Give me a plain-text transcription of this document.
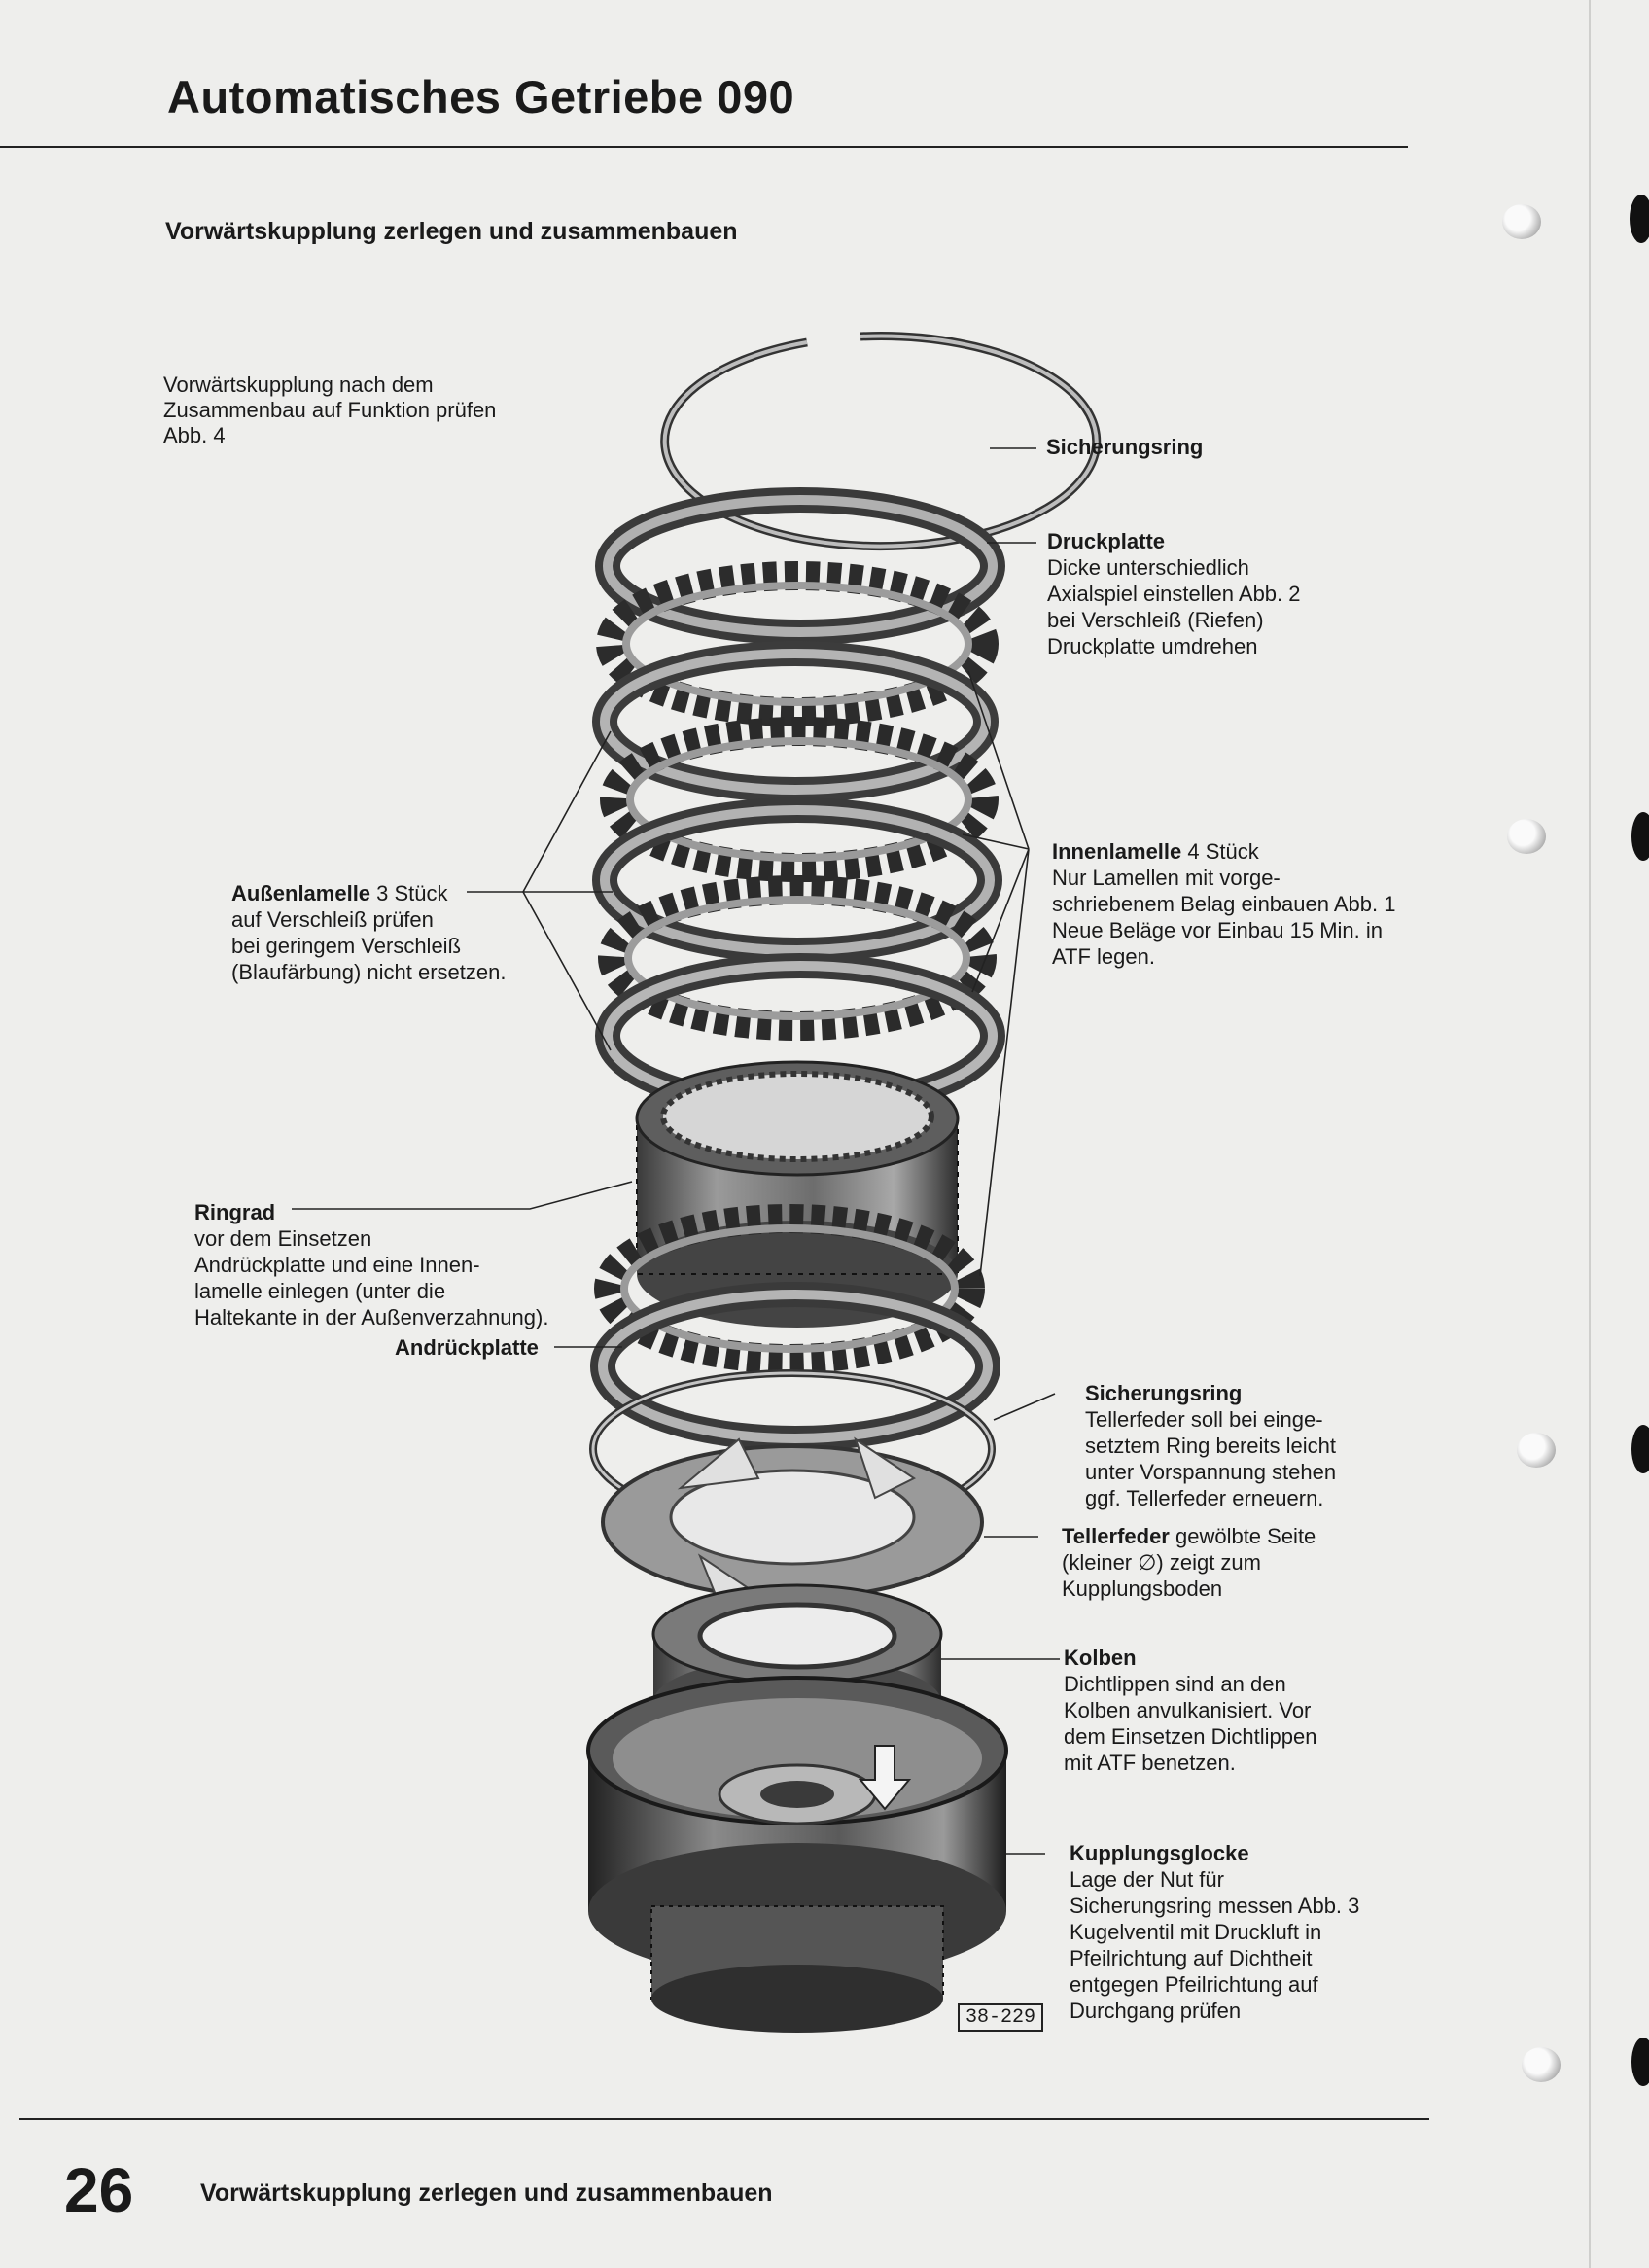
Automatisches Getriebe 090
Vorwärtskupplung zerlegen und zusammenbauen
Vorwärtskupplung nach dem
Zusammenbau auf Funktion prüfen
Abb. 4	Sicherungsring
Druckplatte
Dicke unterschiedlich
Axialspiel einstellen Abb. 2
bei Verschleiß (Riefen)
Druckplatte umdrehen
Innenlamelle 4 Stück
Nur Lamellen mit vorge-
schriebenem Belag einbauen Abb. 1
Neue Beläge vor Einbau 15 Min. in
ATF legen.
Außenlamelle 3 Stück
auf Verschleiß prüfen
bei geringem Verschleiß
(Blaufärbung) nicht ersetzen.
Ringrad
vor dem Einsetzen
Andrückplatte und eine Innen-
lamelle einlegen (unter die
Haltekante in der Außenverzahnung).
Andrückplatte
Sicherungsring
Tellerfeder soll bei einge-
setztem Ring bereits leicht
unter Vorspannung stehen
ggf. Tellerfeder erneuern.
Tellerfeder gewölbte Seite
(kleiner ∅) zeigt zum
Kupplungsboden
Kolben
Dichtlippen sind an den
Kolben anvulkanisiert. Vor
dem Einsetzen Dichtlippen
mit ATF benetzen.
Kupplungsglocke
Lage der Nut für
Sicherungsring messen Abb. 3
Kugelventil mit Druckluft in
Pfeilrichtung auf Dichtheit
entgegen Pfeilrichtung auf
Durchgang prüfen
38-229
26	Vorwärtskupplung zerlegen und zusammenbauen
